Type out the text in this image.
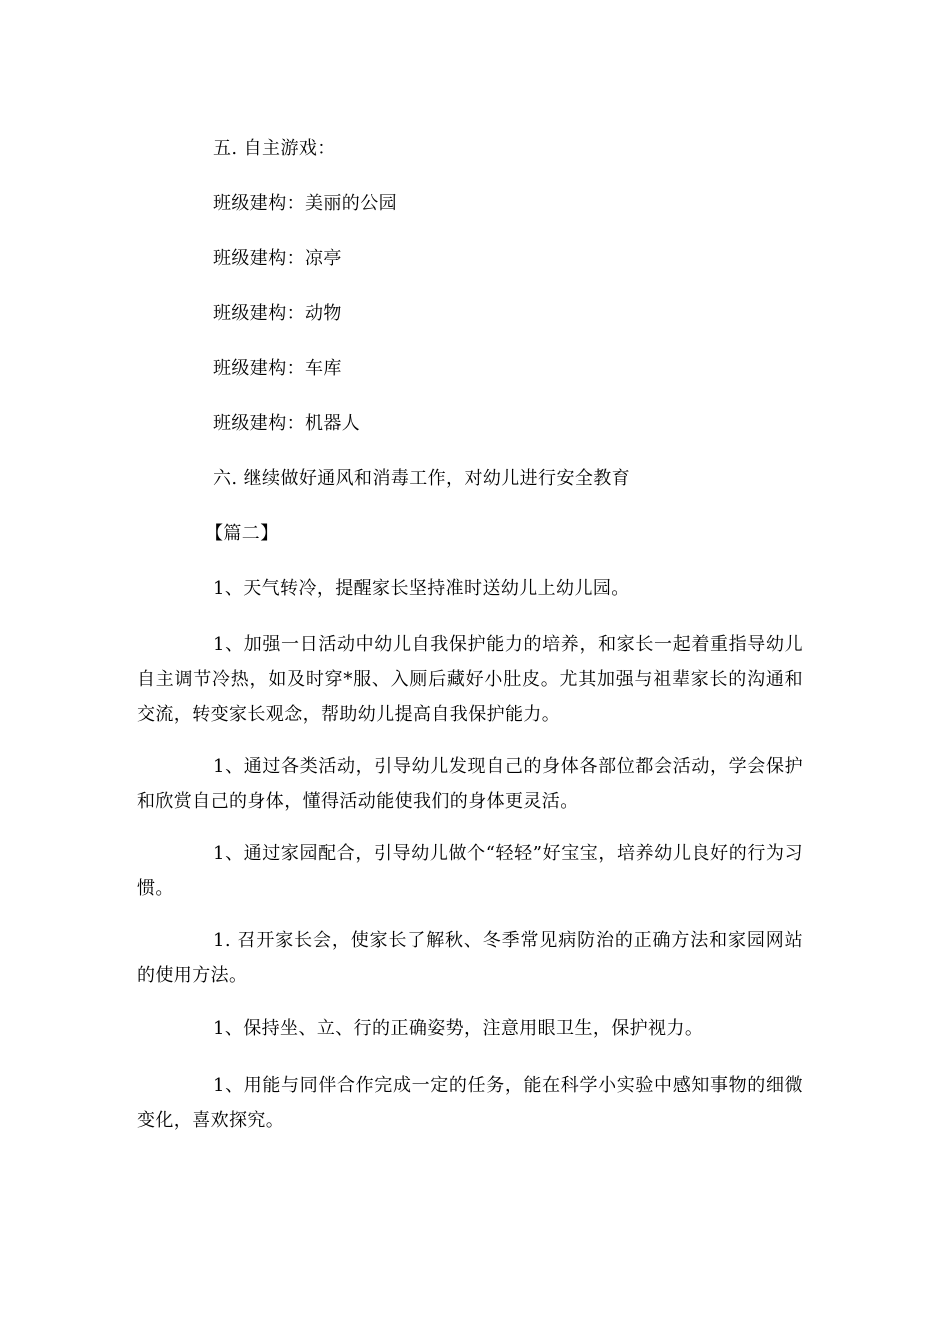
五. 自主游戏：
班级建构：美丽的公园
班级建构：凉亭
班级建构：动物
班级建构：车库
班级建构：机器人
六. 继续做好通风和消毒工作，对幼儿进行安全教育
【篇二】
1、天气转冷，提醒家长坚持准时送幼儿上幼儿园。

1、加强一日活动中幼儿自我保护能力的培养，和家长一起着重指导幼儿自主调节冷热，如及时穿*服、入厕后藏好小肚皮。尤其加强与祖辈家长的沟通和交流，转变家长观念，帮助幼儿提高自我保护能力。

1、通过各类活动，引导幼儿发现自己的身体各部位都会活动，学会保护和欣赏自己的身体，懂得活动能使我们的身体更灵活。

1、通过家园配合，引导幼儿做个“轻轻”好宝宝，培养幼儿良好的行为习惯。

1. 召开家长会，使家长了解秋、冬季常见病防治的正确方法和家园网站的使用方法。

1、保持坐、立、行的正确姿势，注意用眼卫生，保护视力。

1、用能与同伴合作完成一定的任务，能在科学小实验中感知事物的细微变化，喜欢探究。
